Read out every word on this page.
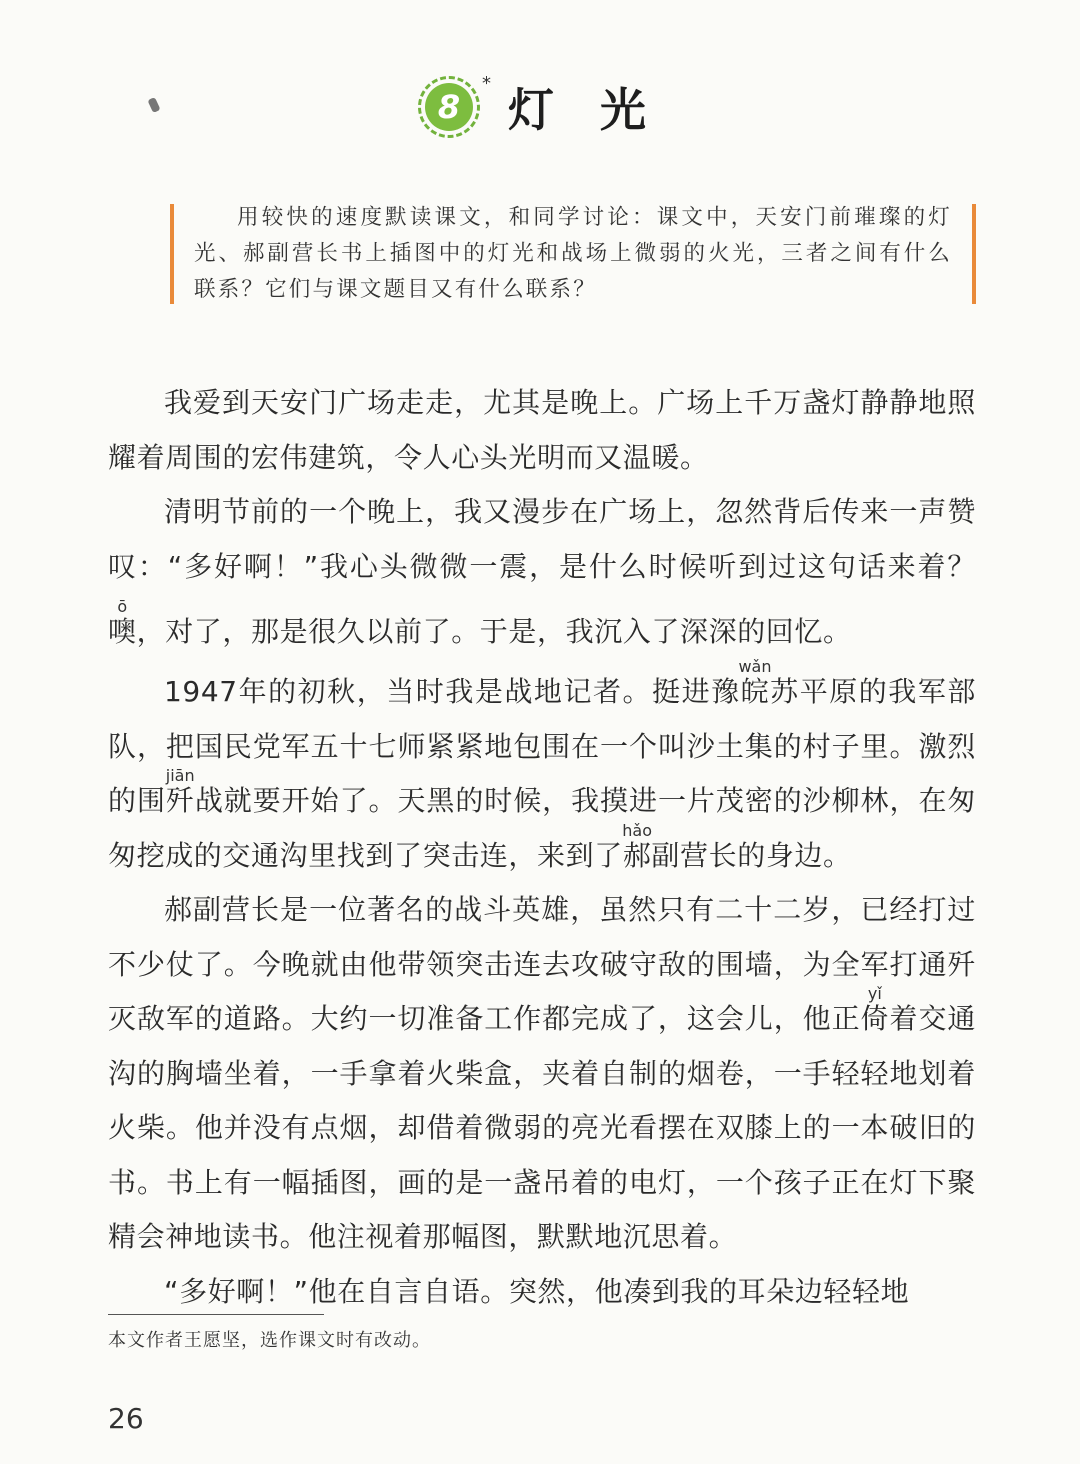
8
* 灯光
用较快的速度默读课文，和同学讨论：课文中，天安门前璀璨的灯光、郝副营长书上插图中的灯光和战场上微弱的火光，三者之间有什么联系？它们与课文题目又有什么联系？

我爱到天安门广场走走，尤其是晚上。广场上千万盏灯静静地照耀着周围的宏伟建筑，令人心头光明而又温暖。

清明节前的一个晚上，我又漫步在广场上，忽然背后传来一声赞叹：“多好啊！”我心头微微一震，是什么时候听到过这句话来着？噢ō，对了，那是很久以前了。于是，我沉入了深深的回忆。

1947年的初秋，当时我是战地记者。挺进豫皖wǎn苏平原的我军部队，把国民党军五十七师紧紧地包围在一个叫沙土集的村子里。激烈的围歼jiān战就要开始了。天黑的时候，我摸进一片茂密的沙柳林，在匆匆挖成的交通沟里找到了突击连，来到了郝hǎo副营长的身边。

郝副营长是一位著名的战斗英雄，虽然只有二十二岁，已经打过不少仗了。今晚就由他带领突击连去攻破守敌的围墙，为全军打通歼灭敌军的道路。大约一切准备工作都完成了，这会儿，他正倚yǐ着交通沟的胸墙坐着，一手拿着火柴盒，夹着自制的烟卷，一手轻轻地划着火柴。他并没有点烟，却借着微弱的亮光看摆在双膝上的一本破旧的书。书上有一幅插图，画的是一盏吊着的电灯，一个孩子正在灯下聚精会神地读书。他注视着那幅图，默默地沉思着。

“多好啊！”他在自言自语。突然，他凑到我的耳朵边轻轻地

本文作者王愿坚，选作课文时有改动。
26
